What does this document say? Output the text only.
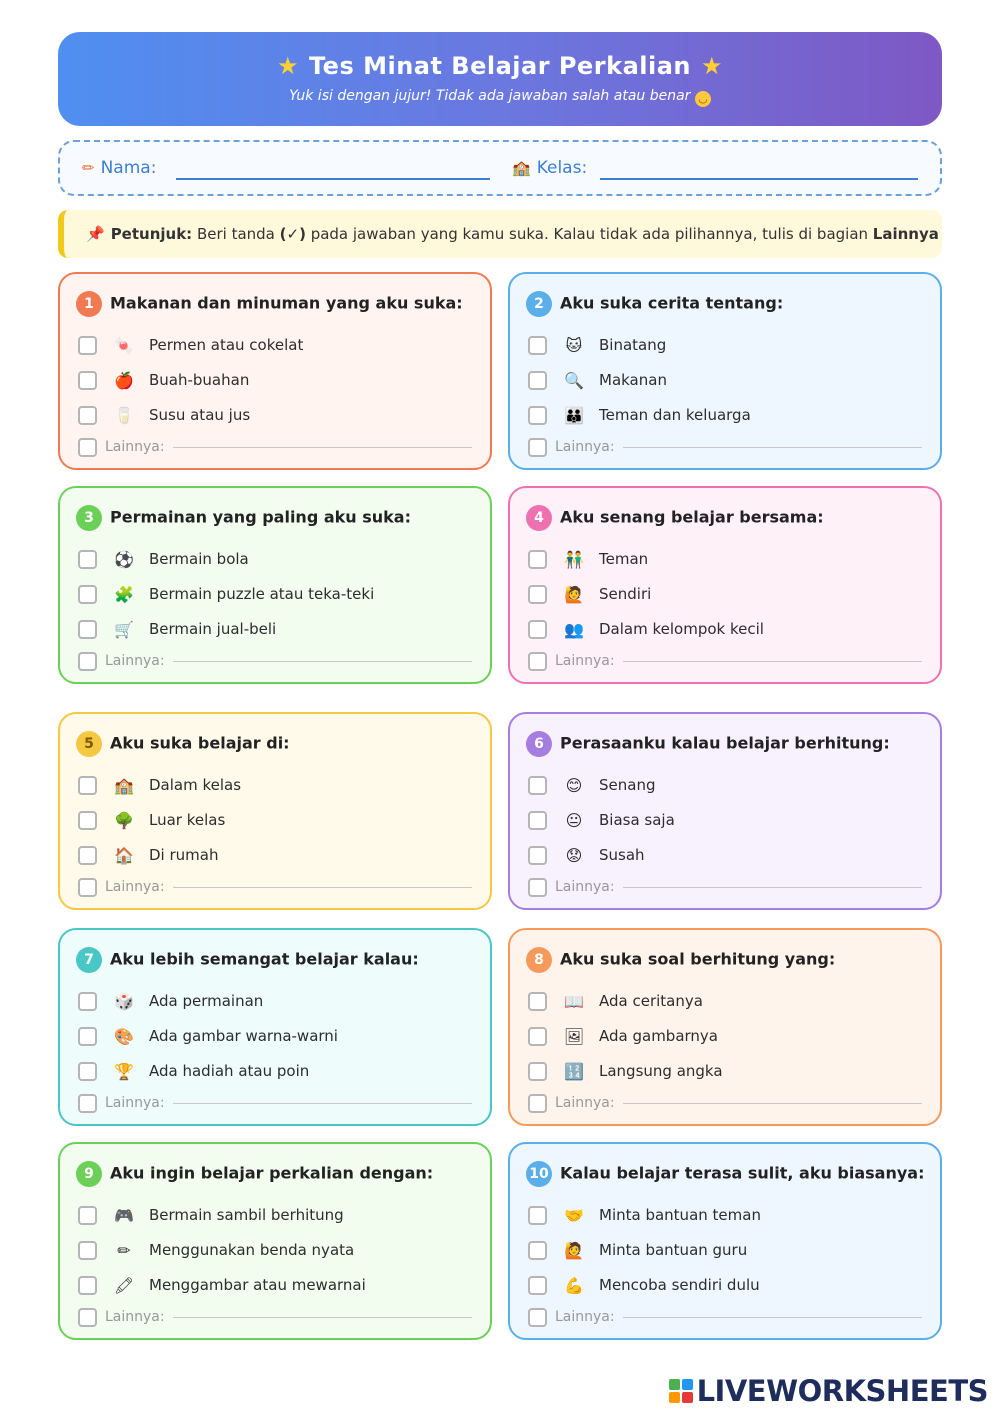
★ Tes Minat Belajar Perkalian ★
Yuk isi dengan jujur! Tidak ada jawaban salah atau benar ◡
✏ Nama:	🏫 Kelas:
📌 Petunjuk: Beri tanda (✓) pada jawaban yang kamu suka. Kalau tidak ada pilihannya, tulis di bagian Lainnya
1 Makanan dan minuman yang aku suka:
🍬 Permen atau cokelat
🍎 Buah-buahan
🥛 Susu atau jus
Lainnya:
2 Aku suka cerita tentang:
🐱 Binatang
🔍 Makanan
👪 Teman dan keluarga
Lainnya:
3 Permainan yang paling aku suka:
⚽ Bermain bola
🧩 Bermain puzzle atau teka-teki
🛒 Bermain jual-beli
Lainnya:
4 Aku senang belajar bersama:
👬 Teman
🙋 Sendiri
👥 Dalam kelompok kecil
Lainnya:
5 Aku suka belajar di:
🏫 Dalam kelas
🌳 Luar kelas
🏠 Di rumah
Lainnya:
6 Perasaanku kalau belajar berhitung:
😊 Senang
😐 Biasa saja
😟 Susah
Lainnya:
7 Aku lebih semangat belajar kalau:
🎲 Ada permainan
🎨 Ada gambar warna-warni
🏆 Ada hadiah atau poin
Lainnya:
8 Aku suka soal berhitung yang:
📖 Ada ceritanya
🖼 Ada gambarnya
🔢 Langsung angka
Lainnya:
9 Aku ingin belajar perkalian dengan:
🎮 Bermain sambil berhitung
✏ Menggunakan benda nyata
🖍 Menggambar atau mewarnai
Lainnya:
10 Kalau belajar terasa sulit, aku biasanya:
🤝 Minta bantuan teman
🙋 Minta bantuan guru
💪 Mencoba sendiri dulu
Lainnya:
LIVEWORKSHEETS
